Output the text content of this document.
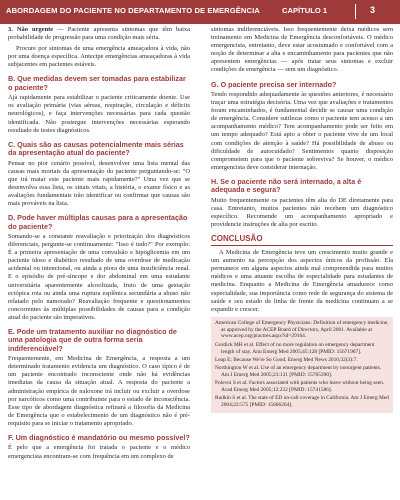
ABORDAGEM DO PACIENTE NO DEPARTAMENTO DE EMERGÊNCIA	CAPÍTULO 1	3

3. Não urgente — Paciente apresenta sintomas que têm baixa probabilidade de progressão para uma condição mais séria.

Procure por sintomas de uma emergência ameaçadora à vida, não por uma doença específica. Antecipe emergências ameaçadoras à vida subjacentes em pacientes estáveis.

B. Que medidas devem ser tomadas para estabilizar o paciente?

Ajà rapidamente para estabilizar o paciente criticamente doente. Use os avaliação primária (vias aéreas, respiração, circulação e déficits neurológicos), e faça intervenções necessárias para cada questão identificada. Não postergue intervenções necessárias esperando resultado de testes diagnósticos.

C. Quais são as causas potencialmente mais sérias da apresentação atual do paciente?

Pensar no pior cenário possível, desenvolver uma lista mental das causas mais mortais da apresentação do paciente perguntando-se: "O que irá matar este paciente mais rapidamente?" Uma vez que se desenvolva essa lista, os sinais vitais, a história, o exame físico e as avaliações fundamentais irão identificar ou confirmar que causas são mais prováveis na lista.

D. Pode haver múltiplas causas para a apresentação do paciente?

Somando-se a constante reavaliação e priorização dos diagnósticos diferenciais, pergunte-se continuamente: "Isso é tudo?" Por exemplo: É a primeira apresentação de uma convulsão e hipoglicemia em um paciente idoso e diabético resultado de uma overdose de medicação acidental ou intencional, ou ainda a piora de uma insuficiência renal. E o episódio de pré-síncope e dor abdominal em uma estudante universitária aparentemente alcoolizada, fruto de uma gestação ectópica rota ou ainda uma ruptura esplênica secundária a abuso não relatado pelo namorado? Reavaliação frequente e questionamentos concorrentes às múltiplas possibilidades de causas para a condição atual do paciente são imperativos.

E. Pode um tratamento auxiliar no diagnóstico de uma patologia que de outra forma seria indiferenciável?

Frequentemente, em Medicina de Emergência, a resposta a um determinado tratamento evidencia um diagnóstico. O caso típico é de um paciente encontrado inconsciente onde não há evidências imediatas da causa da situação atual. A resposta do paciente a administração empírica de naloxone irá incluir ou excluir a overdose por narcóticos como uma contribuinte para o estado de inconsciência. Esse tipo de abordagem diagnóstica refinará a filosofia da Medicina de Emergência que o estabelecimento de um diagnóstico não é pré-requisito para se iniciar o tratamento apropriado.

F. Um diagnóstico é mandatório ou mesmo possível?

É pelo que a emergência foi tratada o paciente e o médico emergencista encontram-se com frequência em um complexo de

sintomas indiferenciáveis. Isso frequentemente deixa médicos sem treinamento em Medicina de Emergência desconfortáveis. O médico emergencista, entretanto, deve estar acostumado e confortável com a noção de determinar a alta e encaminhamento para pacientes que não apresentem emergências — após tratar seus sintomas e excluir condições de emergência — sem um diagnóstico.

G. O paciente precisa ser internado?

Tendo respondido adequadamente às questões anteriores, é necessário traçar uma estratégia decisória. Uma vez que avaliações e tratamentos foram encaminhados, é fundamental decidir se causar uma condição de emergência. Considere sutilezas como o paciente tem acesso a um acompanhamento médico? Tem acompanhamento pode ser feito em um tempo adequado? Está apto a obter o paciente vive de um local com condições de atenção à saúde? Há possibilidade de abuso ou dificuldade de autocuidado? Sentimentos quanto disposição comprometem para que o paciente sobreviva? Se houver, o médico emergencista deve considerar internação.

H. Se o paciente não será internado, a alta é adequada e segura?

Muito frequentemente os pacientes têm alta do DE diretamente para casa. Entretanto, muitos pacientes não recebem um diagnóstico específico. Recomende um acompanhamento apropriado e providencie instruções de alta por escrito.

CONCLUSÃO

A Medicina de Emergência teve um crescimento muito grande e um aumento na percepção dos aspectos únicos da profissão. Ela permanece em alguns aspectos ainda mal compreendida para muitos médicos e uma atuante escolha de especialidade para estudantes de medicina. Enquanto a Medicina de Emergência amadurece como especialidade, sua importância como rede de segurança do sistema de saúde e seu estado de linha de frente da medicina continuam a se expandir e crescer.

American College of Emergency Physicians: Definition of emergency medicine, as approved by the ACEP Board of Directors, April 2001. Available at www.acep.org/practres.aspx?id=29164.

Gordick MH et al. Effect of no more regulation on emergency department length of stay. Ann Emerg Med 2005;45:128 [PMID: 15671967].

Leap E; Because We're So Good. Emerg Med News 2010;32(3):7.

Northington W et al. Use of an emergency department by nonurgent patients. Am J Emerg Med 2005;23:131 [PMID: 15765390].

Polevoi S et al. Factors associated with patients who leave without being seen. Acad Emerg Med 2005;12:232 [PMID: 15741586].

Rudkin S et al. The state of ED on-call coverage in California. Am J Emerg Med 2004;22:575 [PMID: 15666264].
